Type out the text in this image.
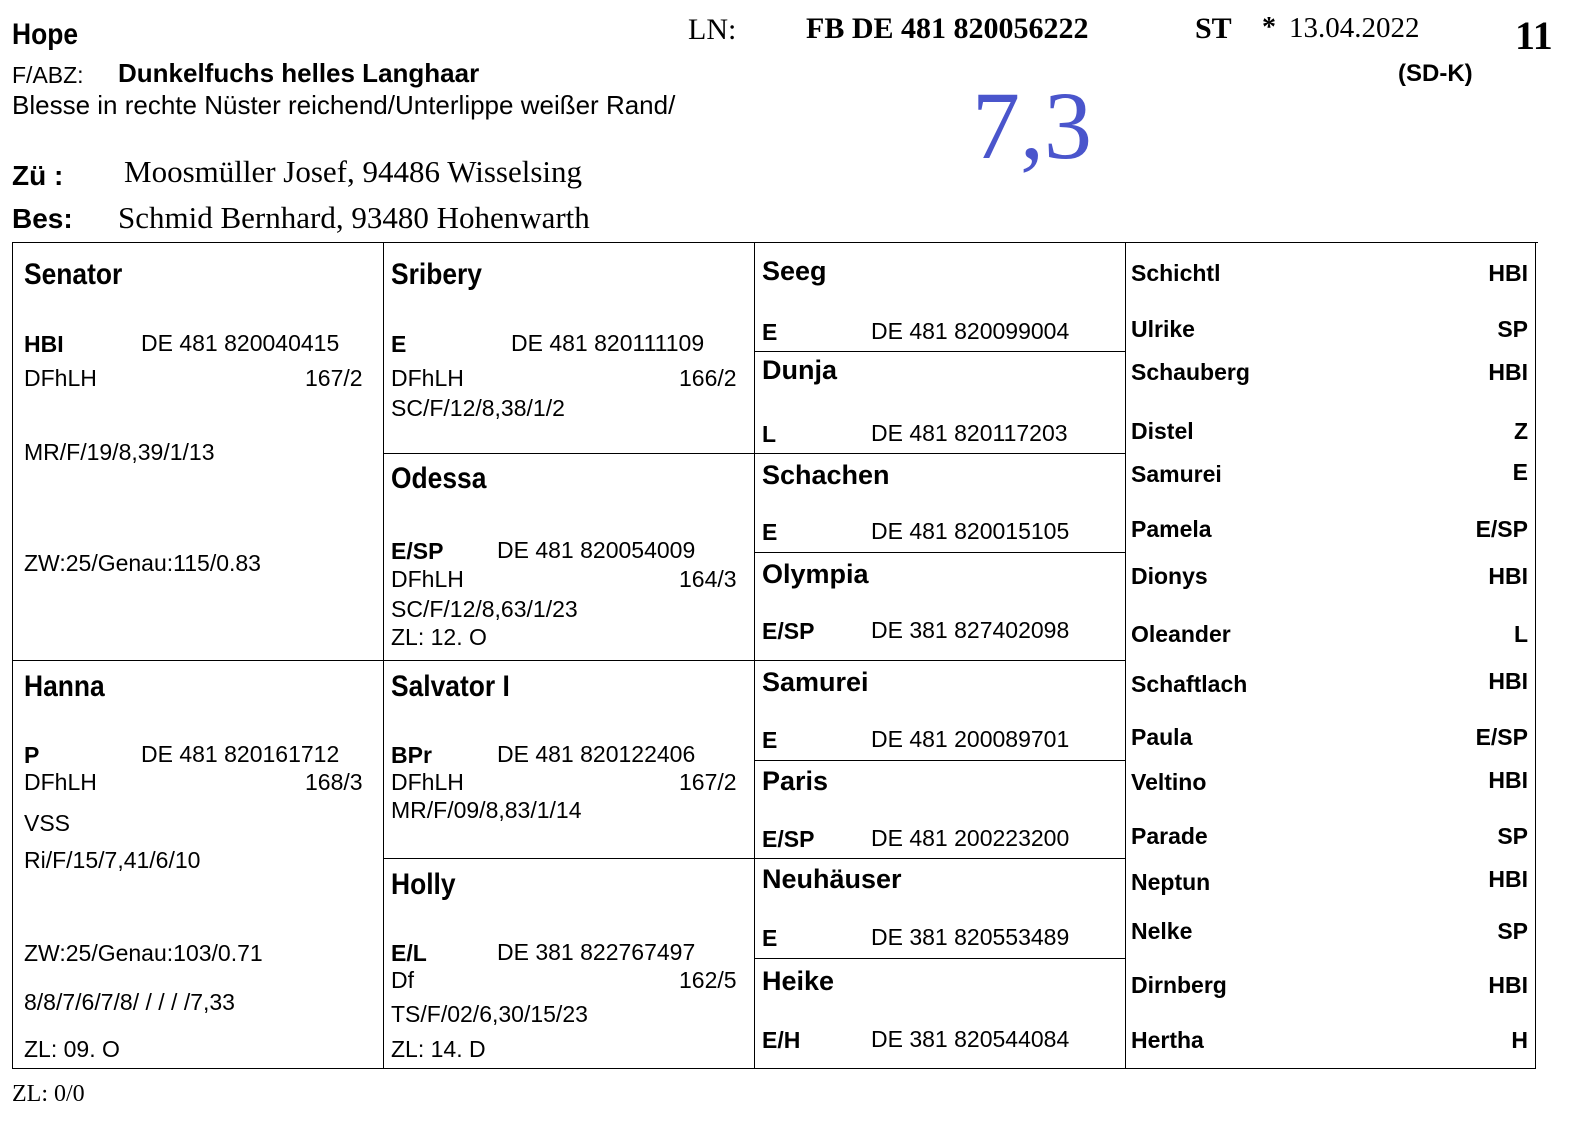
Hope	LN: FB DE 481 820056222	ST * 13.04.2022 11
F/ABZ: Dunkelfuchs helles Langhaar	(SD-K)
Blesse in rechte Nüster reichend/Unterlippe weißer Rand/	7,3
Zü : Moosmüller Josef, 94486 Wisselsing
Bes: Schmid Bernhard, 93480 Hohenwarth
Senator
HBI	DE 481 820040415
DFhLH	167/2
MR/F/19/8,39/1/13
ZW:25/Genau:115/0.83
Hanna
P	DE 481 820161712
DFhLH	168/3
VSS
Ri/F/15/7,41/6/10
ZW:25/Genau:103/0.71
8/8/7/6/7/8/ / / / /7,33
ZL: 09. O
Sribery
E	DE 481 820111109
DFhLH	166/2
SC/F/12/8,38/1/2
Odessa
E/SP DE 481 820054009
DFhLH	164/3
SC/F/12/8,63/1/23
ZL: 12. O
Salvator I
BPr	DE 481 820122406
DFhLH	167/2
MR/F/09/8,83/1/14
Holly
E/L	DE 381 822767497
Df	162/5
TS/F/02/6,30/15/23
ZL: 14. D
Seeg
E	DE 481 820099004
Dunja
L	DE 481 820117203
Schachen
E	DE 481 820015105
Olympia
E/SP DE 381 827402098
Samurei
E	DE 481 200089701
Paris
E/SP DE 481 200223200
Neuhäuser
E	DE 381 820553489
Heike
E/H	DE 381 820544084
Schichtl	HBI
Ulrike	SP
Schauberg	HBI
Distel	Z
Samurei	E
Pamela	E/SP
Dionys	HBI
Oleander	L
Schaftlach	HBI
Paula	E/SP
Veltino	HBI
Parade	SP
Neptun	HBI
Nelke	SP
Dirnberg	HBI
Hertha	H
ZL: 0/0
